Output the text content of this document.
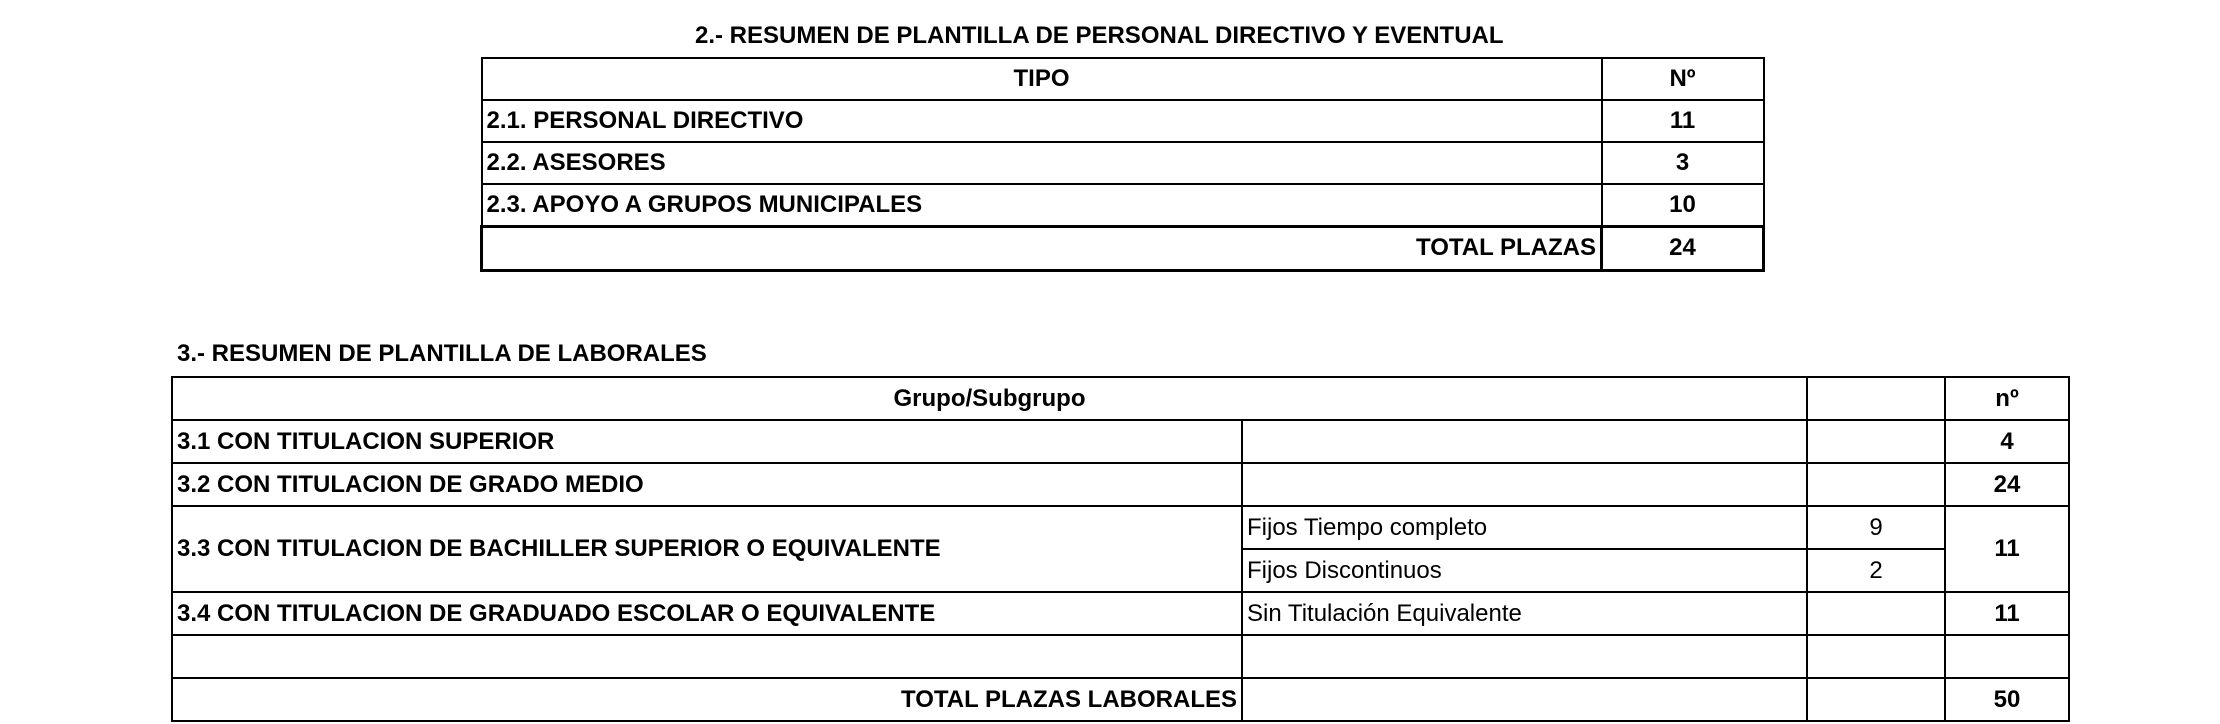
2.- RESUMEN DE PLANTILLA DE PERSONAL DIRECTIVO Y EVENTUAL
TIPO	Nº
2.1. PERSONAL DIRECTIVO	11
2.2. ASESORES	3
2.3. APOYO A GRUPOS MUNICIPALES	10
TOTAL PLAZAS	24
3.- RESUMEN DE PLANTILLA DE LABORALES
Grupo/Subgrupo			nº
3.1 CON TITULACION SUPERIOR			4
3.2 CON TITULACION DE GRADO MEDIO			24
3.3 CON TITULACION DE BACHILLER SUPERIOR O EQUIVALENTE	Fijos Tiempo completo	9	11
	Fijos Discontinuos	2	
3.4 CON TITULACION DE GRADUADO ESCOLAR O EQUIVALENTE	Sin Titulación Equivalente		11

TOTAL PLAZAS LABORALES			50
